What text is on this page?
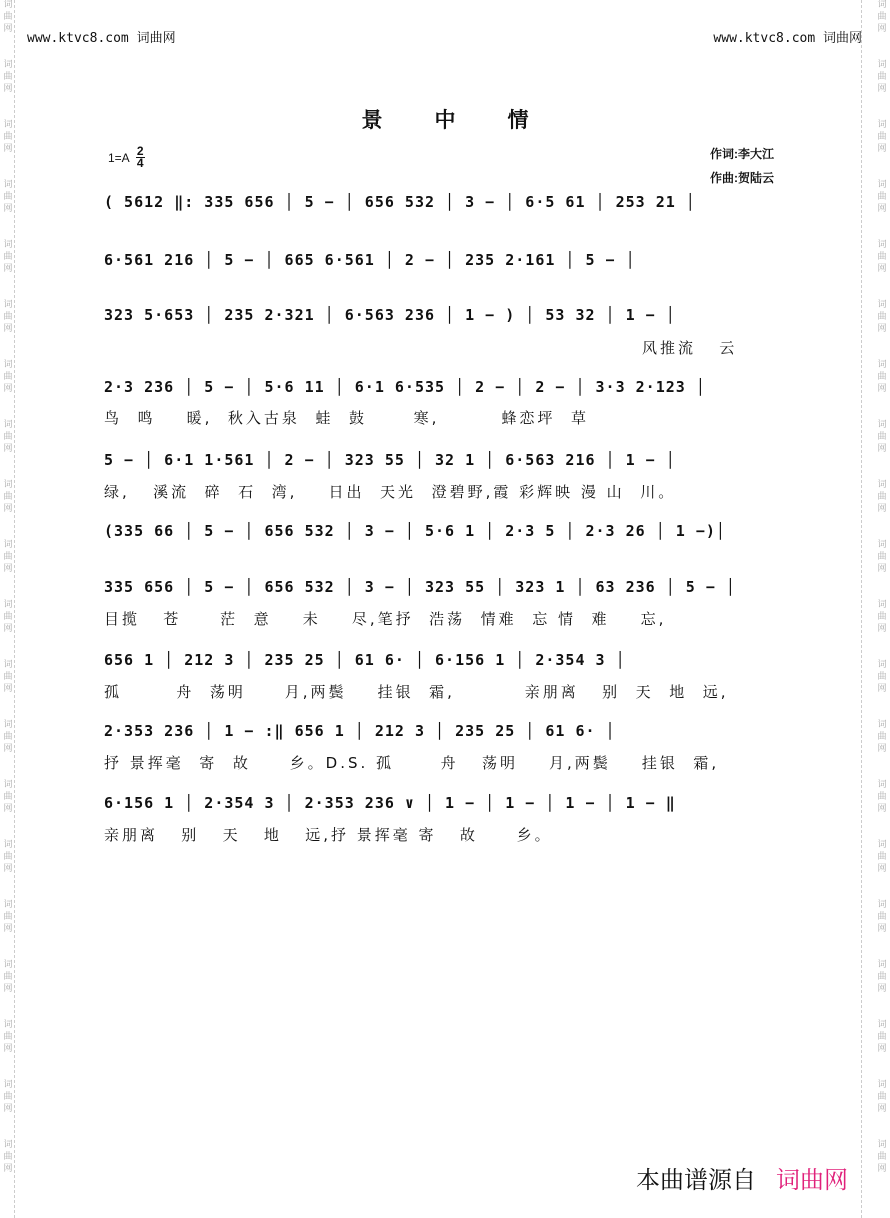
词
曲
网
词
曲
网
词
曲
网
词
曲
网
词
曲
网
词
曲
网
词
曲
网
词
曲
网
词
曲
网
词
曲
网
词
曲
网
词
曲
网
词
曲
网
词
曲
网
词
曲
网
词
曲
网
词
曲
网
词
曲
网
词
曲
网
词
曲
网
词
曲
网
词
曲
网
词
曲
网
词
曲
网
词
曲
网
词
曲
网
词
曲
网
词
曲
网
词
曲
网
词
曲
网
词
曲
网
词
曲
网
词
曲
网
词
曲
网
词
曲
网
词
曲
网
词
曲
网
词
曲
网
词
曲
网
词
曲
网
www.ktvc8.com 词曲网	www.ktvc8.com 词曲网
景中情
$1=A \frac{2}{4}$	作词:李大江
作曲:贺陆云
( 5612 ‖: 335 656 │ 5 − │ 656 532 │ 3 − │ 6·5 61 │ 253 21 │
6·561 216 │ 5 − │ 665 6·561 │ 2 − │ 235 2·161 │ 5 − │
323 5·653 │ 235 2·321 │ 6·563 236 │ 1 − ) │ 53 32 │ 1 − │
风推流   云
2·3 236 │ 5 − │ 5·6 11 │ 6·1 6·535 │ 2 − │ 2 − │ 3·3 2·123 │
鸟  鸣    暖,  秋入古泉  蛙  鼓      寒,        蜂恋坪  草
5 − │ 6·1 1·561 │ 2 − │ 323 55 │ 32 1 │ 6·563 216 │ 1 − │
绿,   溪流  碎  石  湾,    日出  天光  澄碧野,霞 彩辉映 漫 山  川。
(335 66 │ 5 − │ 656 532 │ 3 − │ 5·6 1 │ 2·3 5 │ 2·3 26 │ 1 −)│
335 656 │ 5 − │ 656 532 │ 3 − │ 323 55 │ 323 1 │ 63 236 │ 5 − │
目揽   苍     茫  意    未    尽,笔抒  浩荡  情难  忘 情  难    忘,
656 1 │ 212 3 │ 235 25 │ 61 6· │ 6·156 1 │ 2·354 3 │
孤       舟  荡明     月,两鬓    挂银  霜,         亲朋离   别  天  地  远,
2·353 236 │ 1 − :‖ 656 1 │ 212 3 │ 235 25 │ 61 6· │
抒 景挥毫  寄  故     乡。D.S. 孤      舟   荡明    月,两鬓    挂银  霜,
6·156 1 │ 2·354 3 │ 2·353 236 ∨ │ 1 − │ 1 − │ 1 − │ 1 − ‖
亲朋离   别   天   地   远,抒 景挥毫 寄   故     乡。
本曲谱源自 词曲网
